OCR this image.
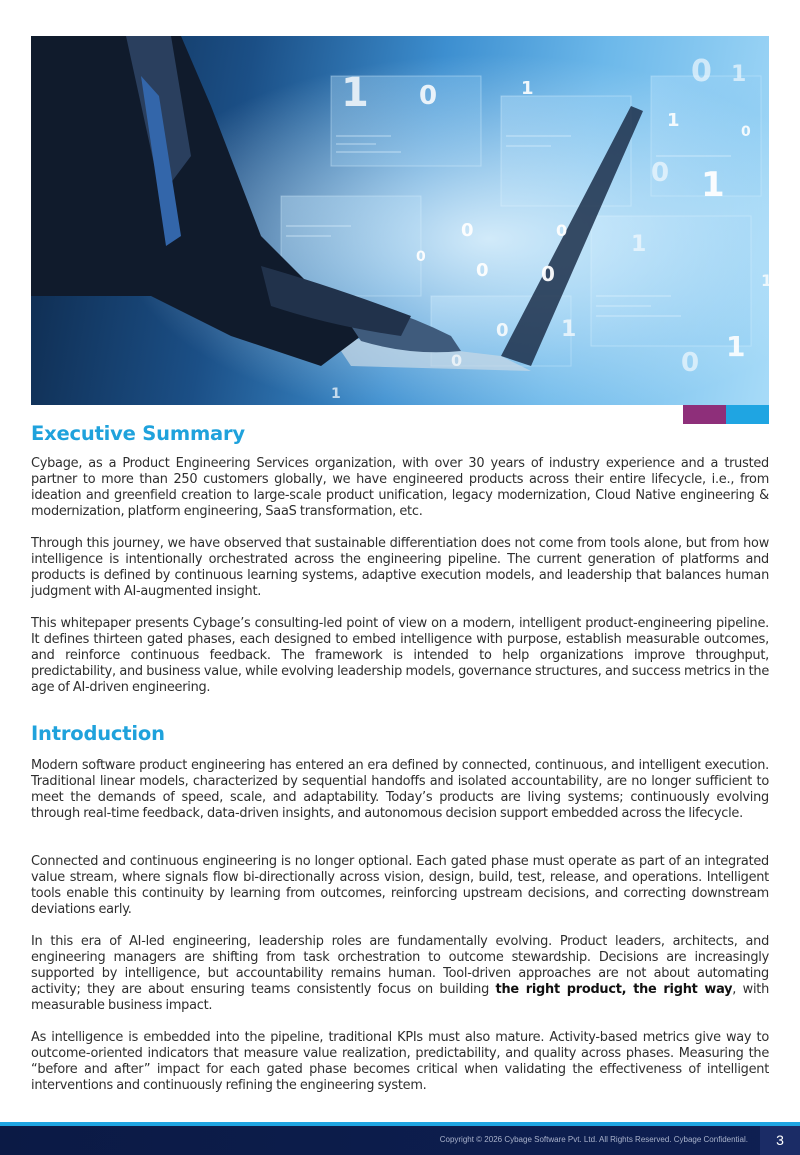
1 0	1	0 1
1
1
0
0	0
0	0
0	1
1
0
1
0
0
1
0
1
Executive Summary

Cybage, as a Product Engineering Services organization, with over 30 years of industry experience and a trusted partner to more than 250 customers globally, we have engineered products across their entire lifecycle, i.e., from ideation and greenfield creation to large-scale product unification, legacy modernization, Cloud Native engineering & modernization, platform engineering, SaaS transformation, etc.

Through this journey, we have observed that sustainable differentiation does not come from tools alone, but from how intelligence is intentionally orchestrated across the engineering pipeline. The current generation of platforms and products is defined by continuous learning systems, adaptive execution models, and leadership that balances human judgment with AI-augmented insight.

This whitepaper presents Cybage’s consulting-led point of view on a modern, intelligent product-engineering pipeline. It defines thirteen gated phases, each designed to embed intelligence with purpose, establish measurable outcomes, and reinforce continuous feedback. The framework is intended to help organizations improve throughput, predictability, and business value, while evolving leadership models, governance structures, and success metrics in the age of AI-driven engineering.

Introduction

Modern software product engineering has entered an era defined by connected, continuous, and intelligent execution. Traditional linear models, characterized by sequential handoffs and isolated accountability, are no longer sufficient to meet the demands of speed, scale, and adaptability. Today’s products are living systems; continuously evolving through real-time feedback, data-driven insights, and autonomous decision support embedded across the lifecycle.

Connected and continuous engineering is no longer optional. Each gated phase must operate as part of an integrated value stream, where signals flow bi-directionally across vision, design, build, test, release, and operations. Intelligent tools enable this continuity by learning from outcomes, reinforcing upstream decisions, and correcting downstream deviations early.

In this era of AI-led engineering, leadership roles are fundamentally evolving. Product leaders, architects, and engineering managers are shifting from task orchestration to outcome stewardship. Decisions are increasingly supported by intelligence, but accountability remains human. Tool-driven approaches are not about automating activity; they are about ensuring teams consistently focus on building the right product, the right way, with measurable business impact.

As intelligence is embedded into the pipeline, traditional KPIs must also mature. Activity-based metrics give way to outcome-oriented indicators that measure value realization, predictability, and quality across phases. Measuring the “before and after” impact for each gated phase becomes critical when validating the effectiveness of intelligent interventions and continuously refining the engineering system.

Copyright © 2026 Cybage Software Pvt. Ltd. All Rights Reserved. Cybage Confidential.	3
